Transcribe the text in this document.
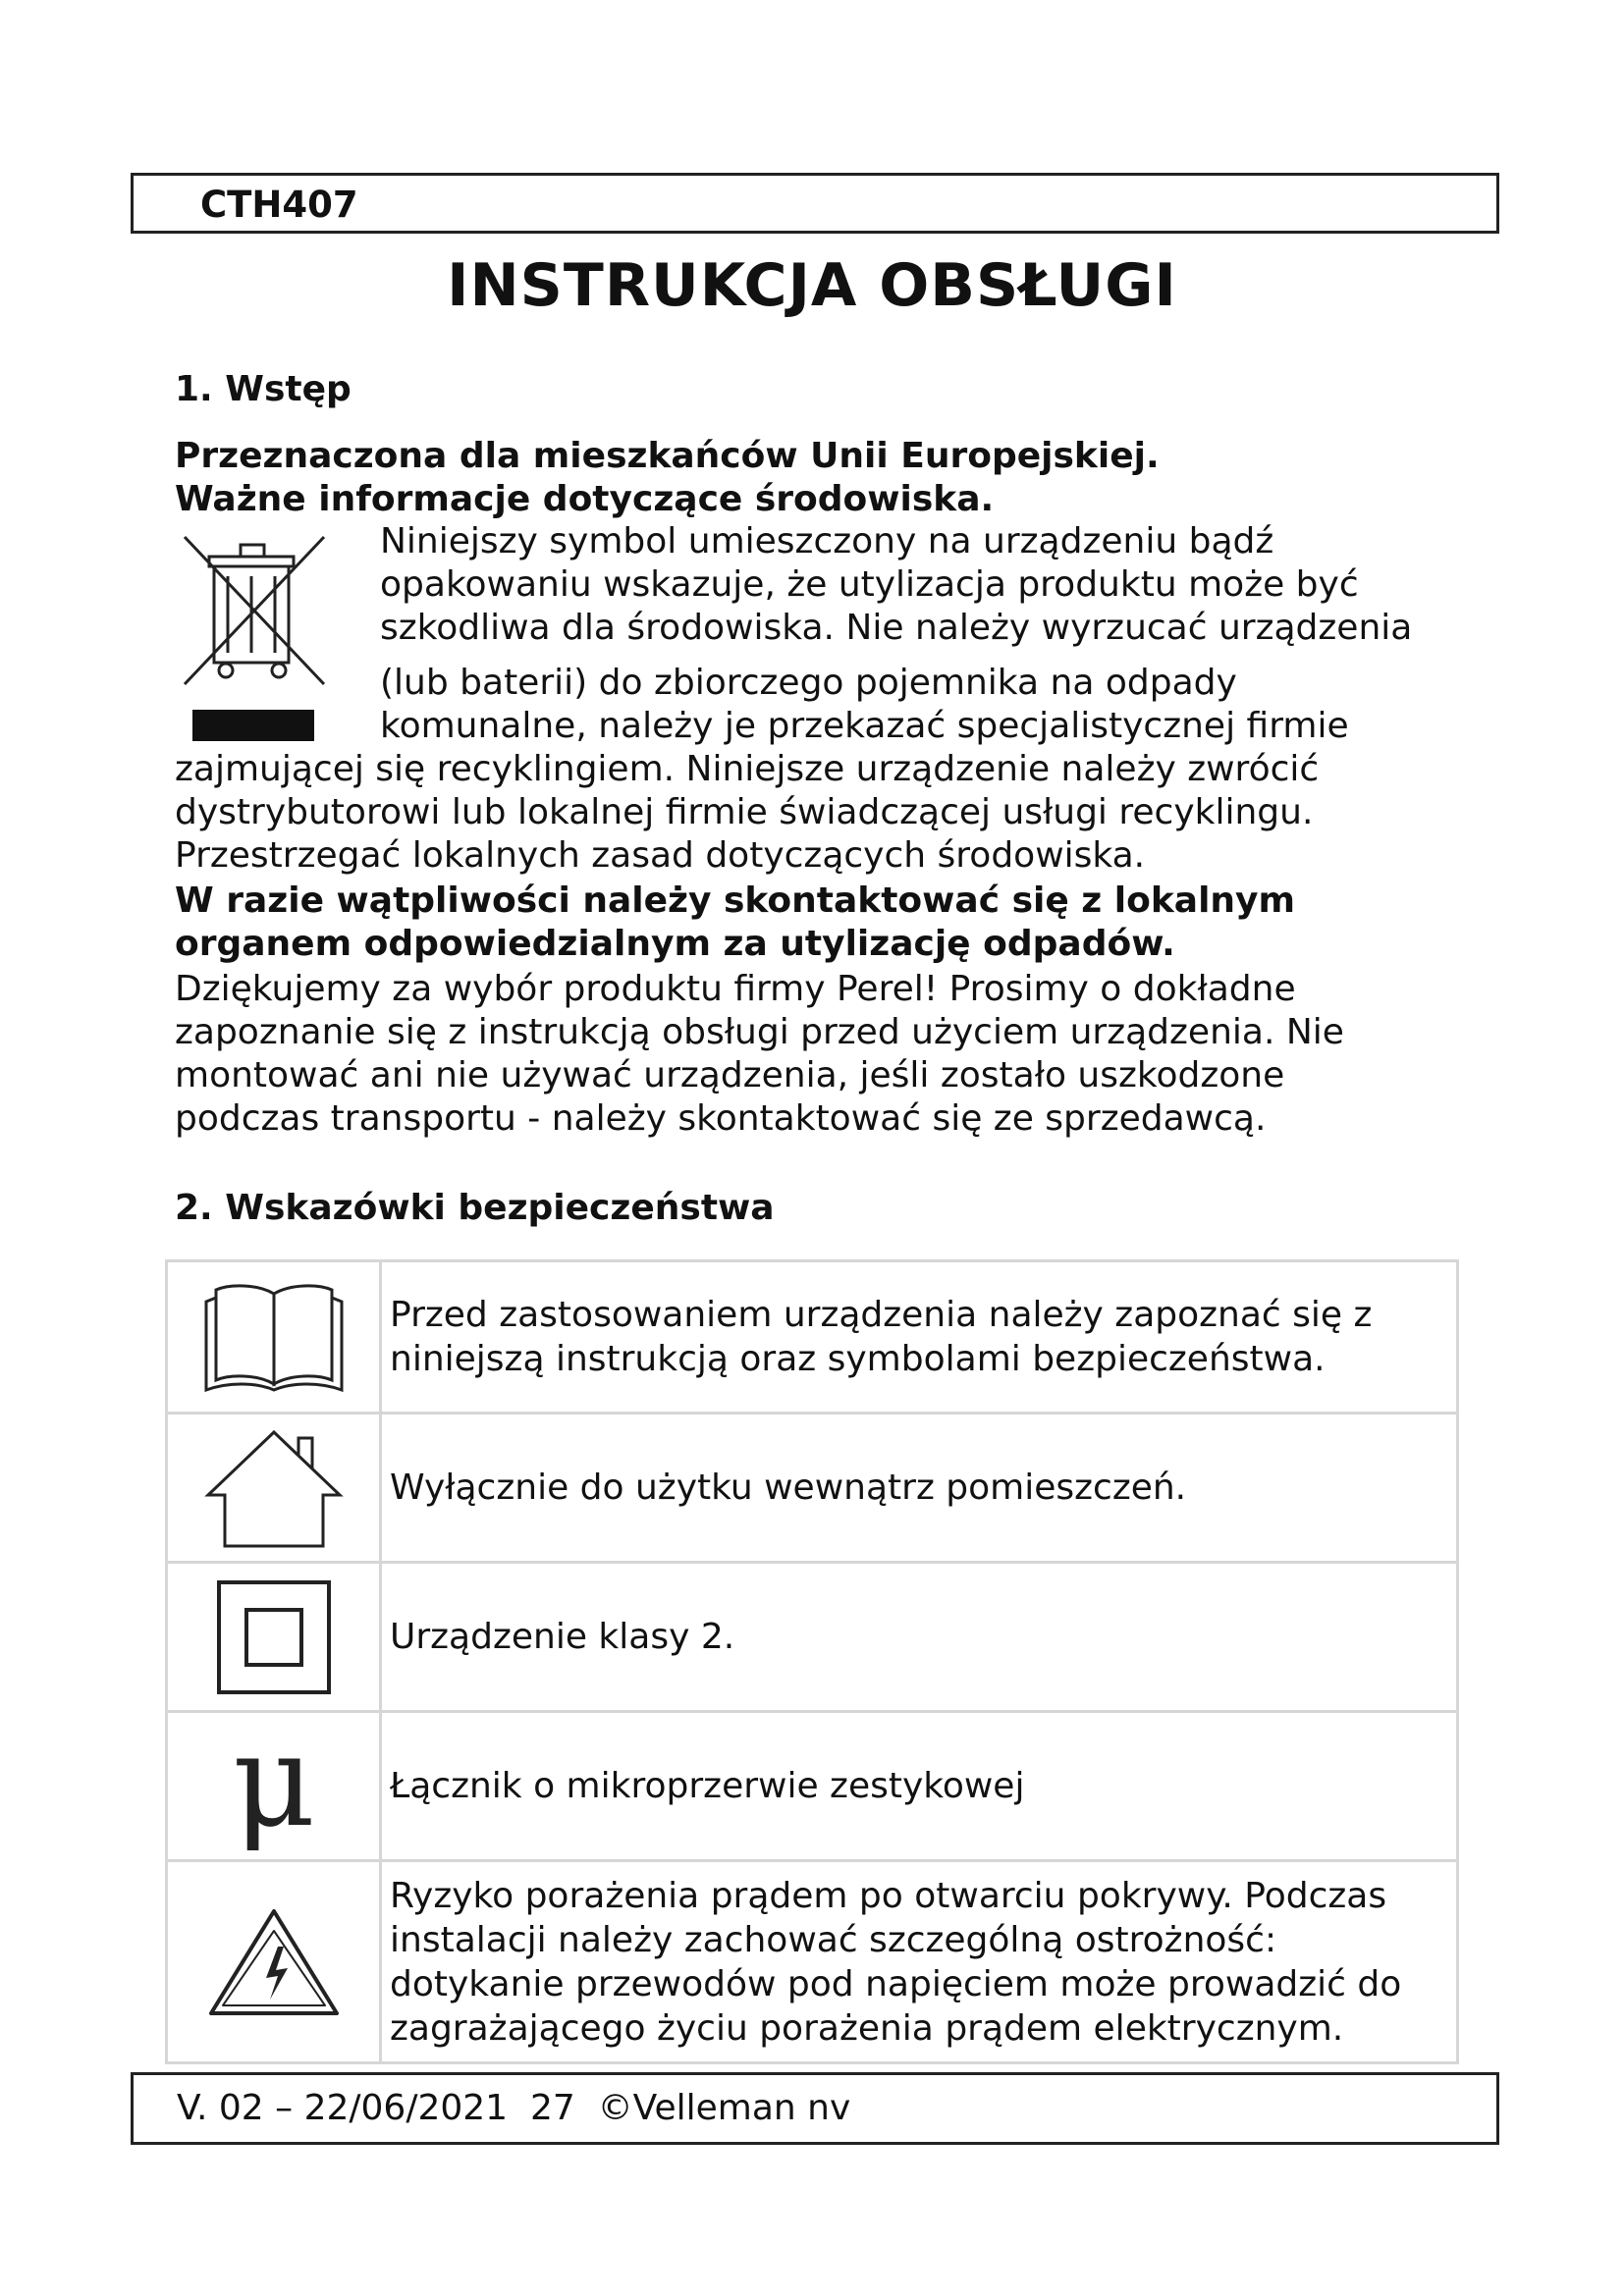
CTH407
INSTRUKCJA OBSŁUGI
1. Wstęp
Przeznaczona dla mieszkańców Unii Europejskiej.
Ważne informacje dotyczące środowiska.
Niniejszy symbol umieszczony na urządzeniu bądź
opakowaniu wskazuje, że utylizacja produktu może być
szkodliwa dla środowiska. Nie należy wyrzucać urządzenia
(lub baterii) do zbiorczego pojemnika na odpady
komunalne, należy je przekazać specjalistycznej firmie
zajmującej się recyklingiem. Niniejsze urządzenie należy zwrócić
dystrybutorowi lub lokalnej firmie świadczącej usługi recyklingu.
Przestrzegać lokalnych zasad dotyczących środowiska.
W razie wątpliwości należy skontaktować się z lokalnym
organem odpowiedzialnym za utylizację odpadów.
Dziękujemy za wybór produktu firmy Perel! Prosimy o dokładne
zapoznanie się z instrukcją obsługi przed użyciem urządzenia. Nie
montować ani nie używać urządzenia, jeśli zostało uszkodzone
podczas transportu - należy skontaktować się ze sprzedawcą.
2. Wskazówki bezpieczeństwa
Przed zastosowaniem urządzenia należy zapoznać się z
niniejszą instrukcją oraz symbolami bezpieczeństwa.
Wyłącznie do użytku wewnątrz pomieszczeń.
Urządzenie klasy 2.
μ Łącznik o mikroprzerwie zestykowej
Ryzyko porażenia prądem po otwarciu pokrywy. Podczas
instalacji należy zachować szczególną ostrożność:
dotykanie przewodów pod napięciem może prowadzić do
zagrażającego życiu porażenia prądem elektrycznym.
V. 02 – 22/06/2021  27  ©Velleman nv
